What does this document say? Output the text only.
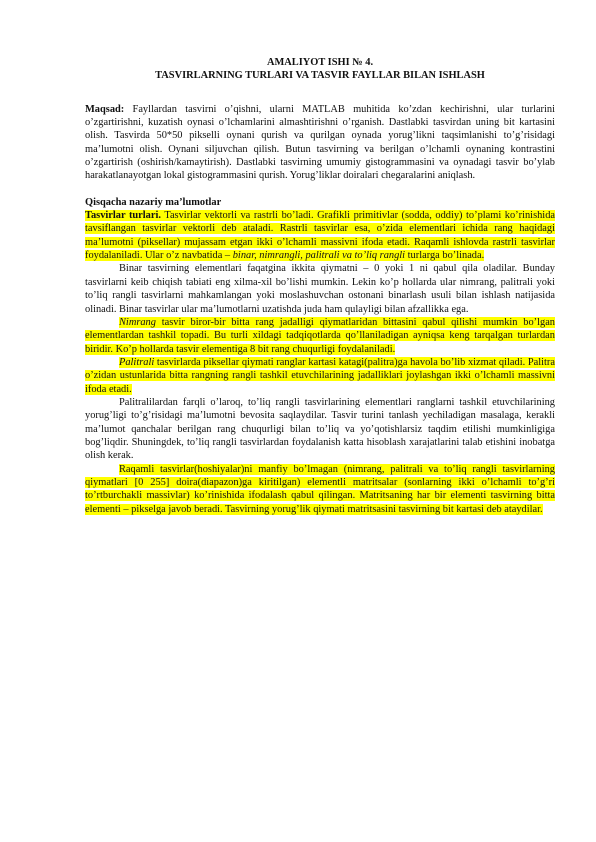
AMALIYOT ISHI № 4.
TASVIRLARNING TURLARI VA TASVIR FAYLLAR BILAN ISHLASH

Maqsad: Fayllardan tasvirni o’qishni, ularni MATLAB muhitida ko’zdan kechirishni, ular turlarini o’zgartirishni, kuzatish oynasi o’lchamlarini almashtirishni o’rganish. Dastlabki tasvirdan uning bit kartasini olish. Tasvirda 50*50 pikselli oynani qurish va qurilgan oynada yorug’likni taqsimlanishi to’g’risidagi ma’lumotni olish. Oynani siljuvchan qilish. Butun tasvirning va berilgan o’lchamli oynaning kontrastini o’zgartirish (oshirish/kamaytirish). Dastlabki tasvirning umumiy gistogrammasini va oynadagi tasvir bo’ylab harakatlanayotgan lokal gistogrammasini qurish. Yorug’liklar doiralari chegaralarini aniqlash.

Qisqacha nazariy ma’lumotlar

Tasvirlar turlari. Tasvirlar vektorli va rastrli bo’ladi. Grafikli primitivlar (sodda, oddiy) to’plami ko’rinishida tavsiflangan tasvirlar vektorli deb ataladi. Rastrli tasvirlar esa, o’zida elementlari ichida rang haqidagi ma’lumotni (piksellar) mujassam etgan ikki o’lchamli massivni ifoda etadi. Raqamli ishlovda rastrli tasvirlar foydalaniladi. Ular o’z navbatida – binar, nimrangli, palitrali va to’liq rangli turlarga bo’linada.

Binar tasvirning elementlari faqatgina ikkita qiymatni – 0 yoki 1 ni qabul qila oladilar. Bunday tasvirlarni keib chiqish tabiati eng xilma-xil bo’lishi mumkin. Lekin ko’p hollarda ular nimrang, palitrali yoki to’liq rangli tasvirlarni mahkamlangan yoki moslashuvchan ostonani binarlash usuli bilan ishlash natijasida olinadi. Binar tasvirlar ular ma’lumotlarni uzatishda juda ham qulayligi bilan afzallikka ega.

Nimrang tasvir biror-bir bitta rang jadalligi qiymatlaridan bittasini qabul qilishi mumkin bo’lgan elementlardan tashkil topadi. Bu turli xildagi tadqiqotlarda qo’llaniladigan ayniqsa keng tarqalgan turlardan biridir. Ko’p hollarda tasvir elementiga 8 bit rang chuqurligi foydalaniladi.

Palitrali tasvirlarda piksellar qiymati ranglar kartasi katagi(palitra)ga havola bo’lib xizmat qiladi. Palitra o’zidan ustunlarida bitta rangning rangli tashkil etuvchilarining jadalliklari joylashgan ikki o’lchamli massivni ifoda etadi.

Palitralilardan farqli o’laroq, to’liq rangli tasvirlarining elementlari ranglarni tashkil etuvchilarining yorug’ligi to’g’risidagi ma’lumotni bevosita saqlaydilar. Tasvir turini tanlash yechiladigan masalaga, kerakli ma’lumot qanchalar berilgan rang chuqurligi bilan to’liq va yo’qotishlarsiz taqdim etilishi mumkinligiga bog’liqdir. Shuningdek, to’liq rangli tasvirlardan foydalanish katta hisoblash xarajatlarini talab etishini inobatga olish kerak.

Raqamli tasvirlar(hoshiyalar)ni manfiy bo’lmagan (nimrang, palitrali va to’liq rangli tasvirlarning qiymatlari [0 255] doira(diapazon)ga kiritilgan) elementli matritsalar (sonlarning ikki o’lchamli to’g’ri to’rtburchakli massivlar) ko’rinishida ifodalash qabul qilingan. Matritsaning har bir elementi tasvirning bitta elementi – pikselga javob beradi. Tasvirning yorug’lik qiymati matritsasini tasvirning bit kartasi deb ataydilar.
